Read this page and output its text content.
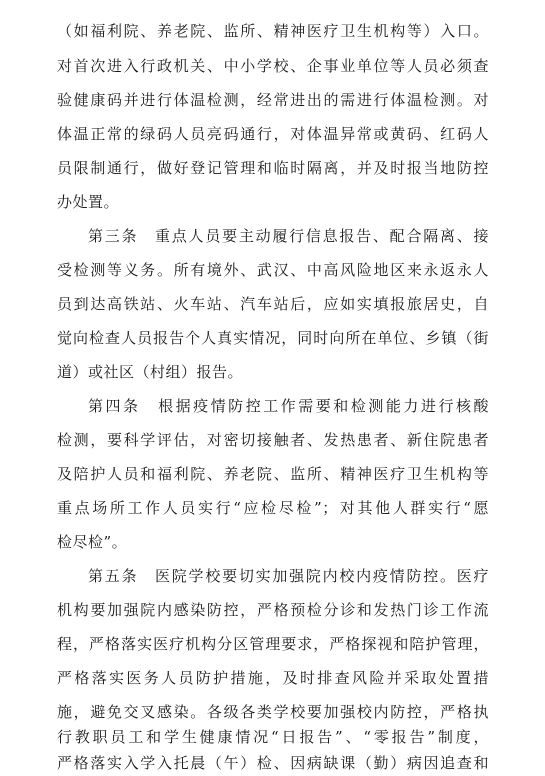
（如福利院、养老院、监所、精神医疗卫生机构等）入口。
对首次进入行政机关、中小学校、企事业单位等人员必须查
验健康码并进行体温检测，经常进出的需进行体温检测。对
体温正常的绿码人员亮码通行，对体温异常或黄码、红码人
员限制通行，做好登记管理和临时隔离，并及时报当地防控
办处置。
第三条　重点人员要主动履行信息报告、配合隔离、接
受检测等义务。所有境外、武汉、中高风险地区来永返永人
员到达高铁站、火车站、汽车站后，应如实填报旅居史，自
觉向检查人员报告个人真实情况，同时向所在单位、乡镇（街
道）或社区（村组）报告。
第四条　根据疫情防控工作需要和检测能力进行核酸
检测，要科学评估，对密切接触者、发热患者、新住院患者
及陪护人员和福利院、养老院、监所、精神医疗卫生机构等
重点场所工作人员实行“应检尽检”；对其他人群实行“愿
检尽检”。
第五条　医院学校要切实加强院内校内疫情防控。医疗
机构要加强院内感染防控，严格预检分诊和发热门诊工作流
程，严格落实医疗机构分区管理要求，严格探视和陪护管理，
严格落实医务人员防护措施，及时排查风险并采取处置措
施，避免交叉感染。各级各类学校要加强校内防控，严格执
行教职员工和学生健康情况“日报告”、“零报告”制度，
严格落实入学入托晨（午）检、因病缺课（勤）病因追查和
